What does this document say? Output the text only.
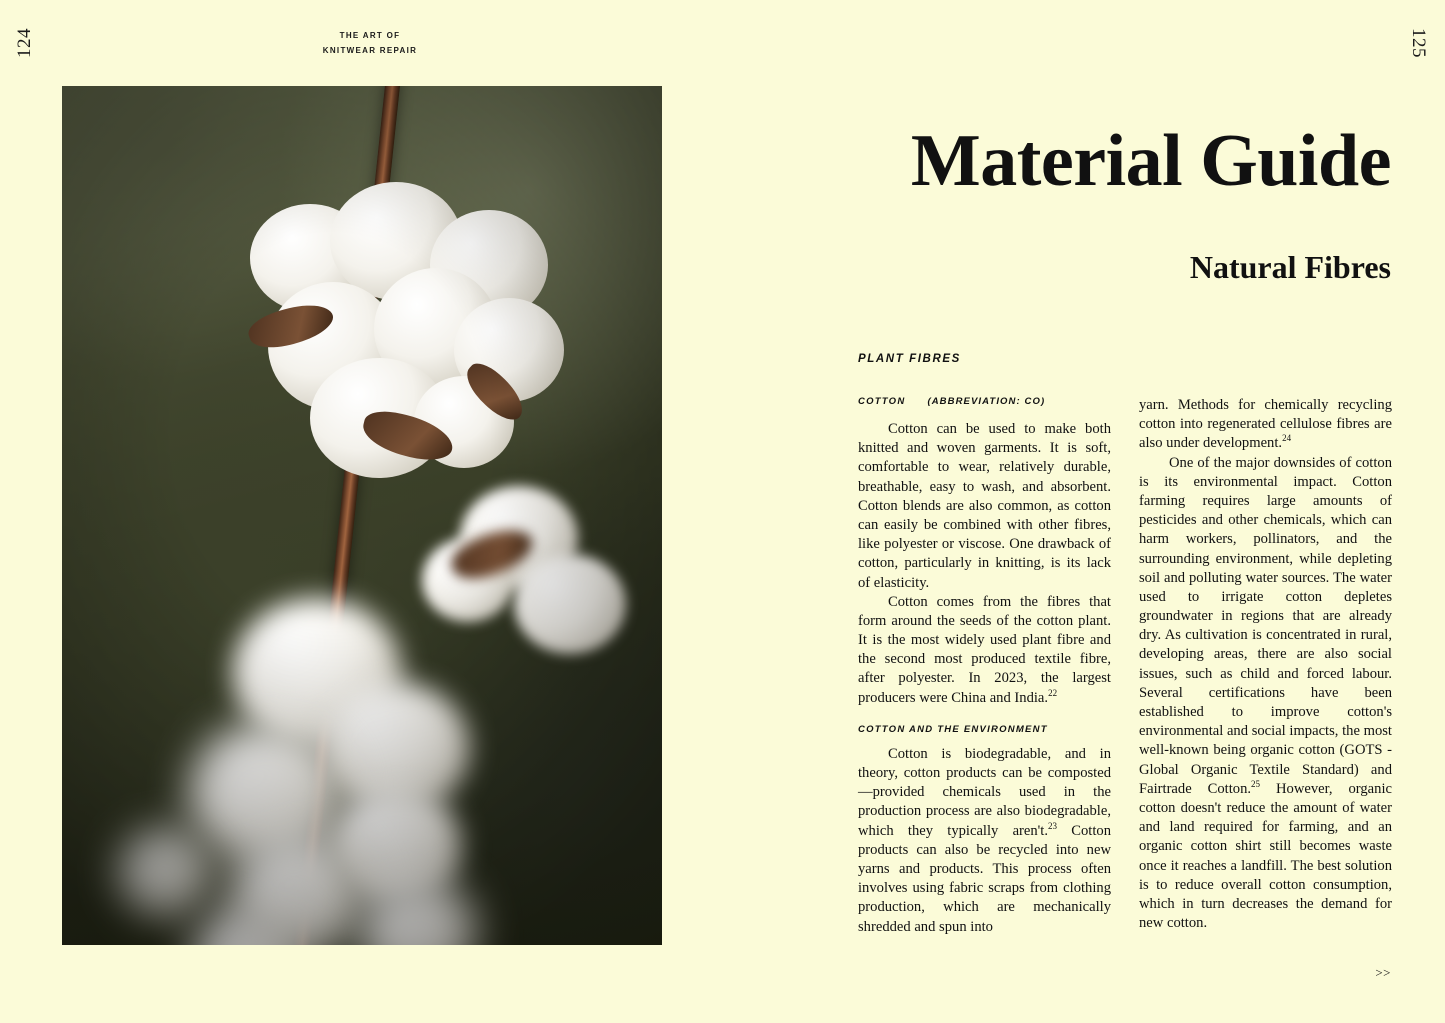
124	THE ART OF
KNITWEAR REPAIR	125
Material Guide
Natural Fibres
PLANT FIBRES
COTTON (ABBREVIATION: CO)

Cotton can be used to make both knitted and woven garments. It is soft, comfortable to wear, relatively durable, breathable, easy to wash, and absorbent. Cotton blends are also common, as cotton can easily be combined with other fibres, like polyester or viscose. One drawback of cotton, particularly in knitting, is its lack of elasticity.

Cotton comes from the fibres that form around the seeds of the cotton plant. It is the most widely used plant fibre and the second most produced textile fibre, after polyester. In 2023, the largest producers were China and India.$^{22}$

COTTON AND THE ENVIRONMENT

Cotton is biodegradable, and in theory, cotton products can be composted—provided chemicals used in the production process are also biodegradable, which they typically aren't.$^{23}$ Cotton products can also be recycled into new yarns and products. This process often involves using fabric scraps from clothing production, which are mechanically shredded and spun into

yarn. Methods for chemically recycling cotton into regenerated cellulose fibres are also under development.$^{24}$

One of the major downsides of cotton is its environmental impact. Cotton farming requires large amounts of pesticides and other chemicals, which can harm workers, pollinators, and the surrounding environment, while depleting soil and polluting water sources. The water used to irrigate cotton depletes groundwater in regions that are already dry. As cultivation is concentrated in rural, developing areas, there are also social issues, such as child and forced labour. Several certifications have been established to improve cotton's environmental and social impacts, the most well-known being organic cotton (GOTS - Global Organic Textile Standard) and Fairtrade Cotton.$^{25}$ However, organic cotton doesn't reduce the amount of water and land required for farming, and an organic cotton shirt still becomes waste once it reaches a landfill. The best solution is to reduce overall cotton consumption, which in turn decreases the demand for new cotton.

>>
